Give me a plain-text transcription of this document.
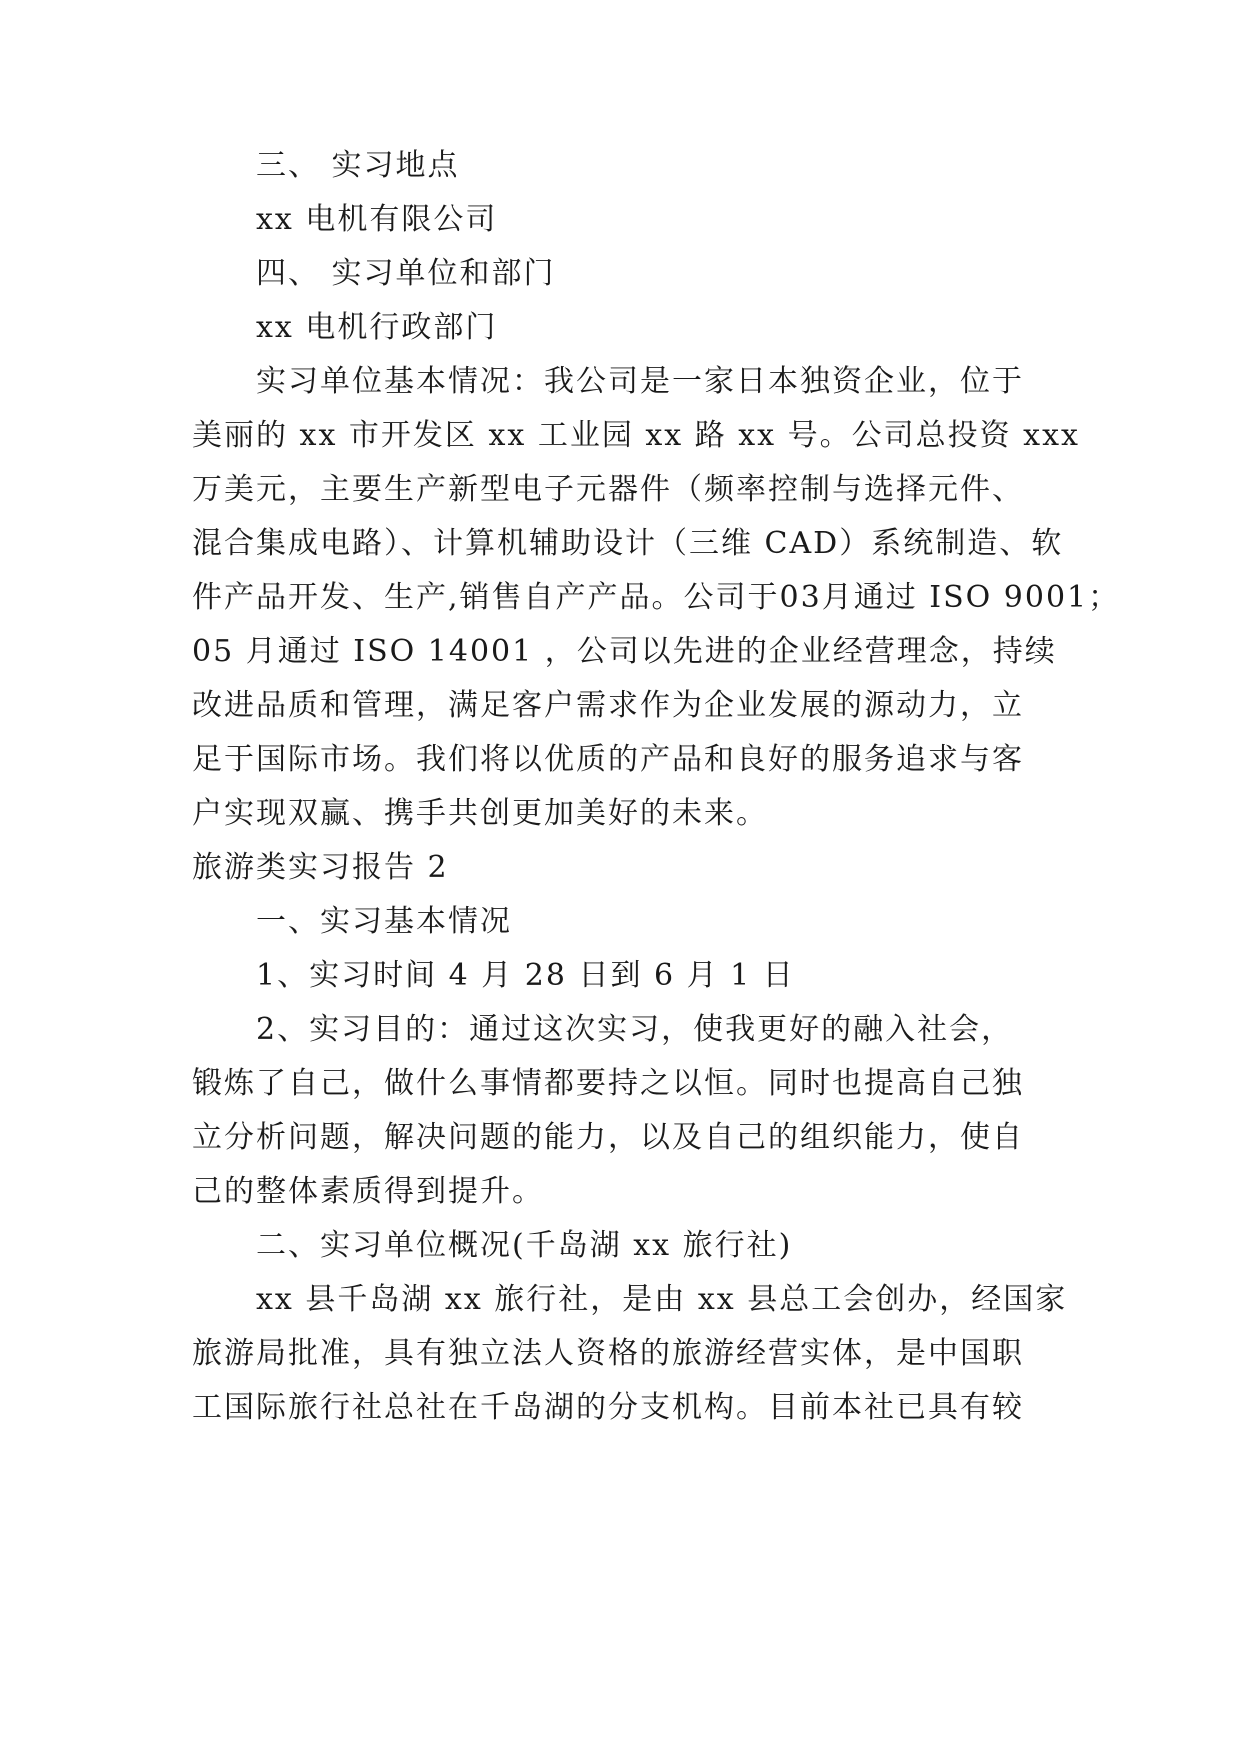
三、 实习地点
xx 电机有限公司
四、 实习单位和部门
xx 电机行政部门
实习单位基本情况：我公司是一家日本独资企业，位于
美丽的 xx 市开发区 xx 工业园 xx 路 xx 号。公司总投资 xxx
万美元，主要生产新型电子元器件（频率控制与选择元件、
混合集成电路）、计算机辅助设计（三维 CAD）系统制造、软
件产品开发、生产,销售自产产品。公司于03月通过 ISO 9001；
05 月通过 ISO 14001 ，公司以先进的企业经营理念，持续
改进品质和管理，满足客户需求作为企业发展的源动力，立
足于国际市场。我们将以优质的产品和良好的服务追求与客
户实现双赢、携手共创更加美好的未来。
旅游类实习报告 2
一、实习基本情况
1、实习时间 4 月 28 日到 6 月 1 日
2、实习目的：通过这次实习，使我更好的融入社会，
锻炼了自己，做什么事情都要持之以恒。同时也提高自己独
立分析问题，解决问题的能力，以及自己的组织能力，使自
己的整体素质得到提升。
二、实习单位概况(千岛湖 xx 旅行社)
xx 县千岛湖 xx 旅行社，是由 xx 县总工会创办，经国家
旅游局批准，具有独立法人资格的旅游经营实体，是中国职
工国际旅行社总社在千岛湖的分支机构。目前本社已具有较
